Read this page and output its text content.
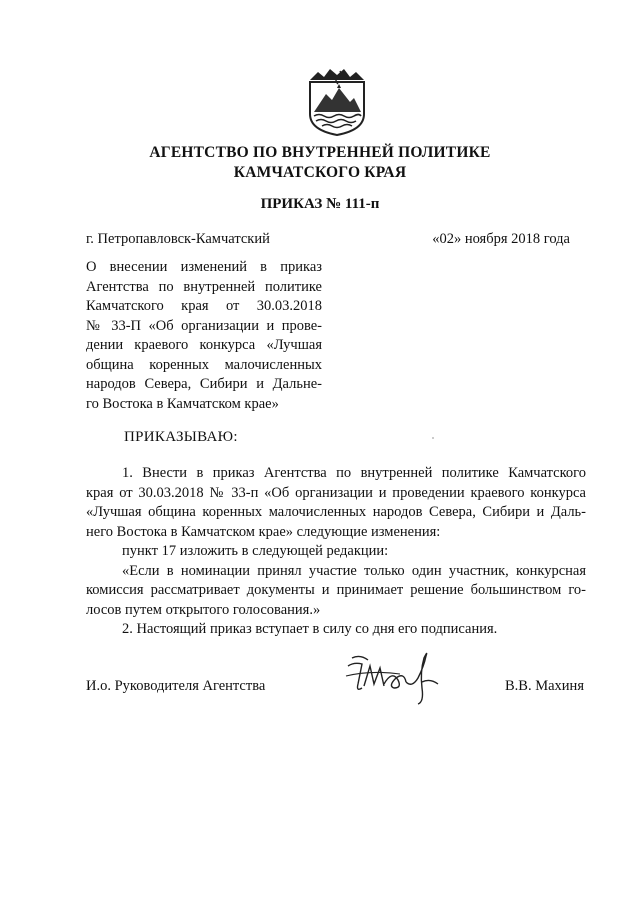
АГЕНТСТВО ПО ВНУТРЕННЕЙ ПОЛИТИКЕ
КАМЧАТСКОГО КРАЯ
ПРИКАЗ № 111-п
г. Петропавловск-Камчатский	«02» ноября 2018 года
О внесении изменений в приказ
Агентства по внутренней политике
Камчатского края от 30.03.2018
№ 33-П «Об организации и прове-
дении краевого конкурса «Лучшая
община коренных малочисленных
народов Севера, Сибири и Дальне-
го Востока в Камчатском крае»
ПРИКАЗЫВАЮ:
1. Внести в приказ Агентства по внутренней политике Камчатского
края от 30.03.2018 № 33-п «Об организации и проведении краевого конкурса
«Лучшая община коренных малочисленных народов Севера, Сибири и Даль-
него Востока в Камчатском крае» следующие изменения:
пункт 17 изложить в следующей редакции:
«Если в номинации принял участие только один участник, конкурсная
комиссия рассматривает документы и принимает решение большинством го-
лосов путем открытого голосования.»
2. Настоящий приказ вступает в силу со дня его подписания.
И.о. Руководителя Агентства	В.В. Махиня
